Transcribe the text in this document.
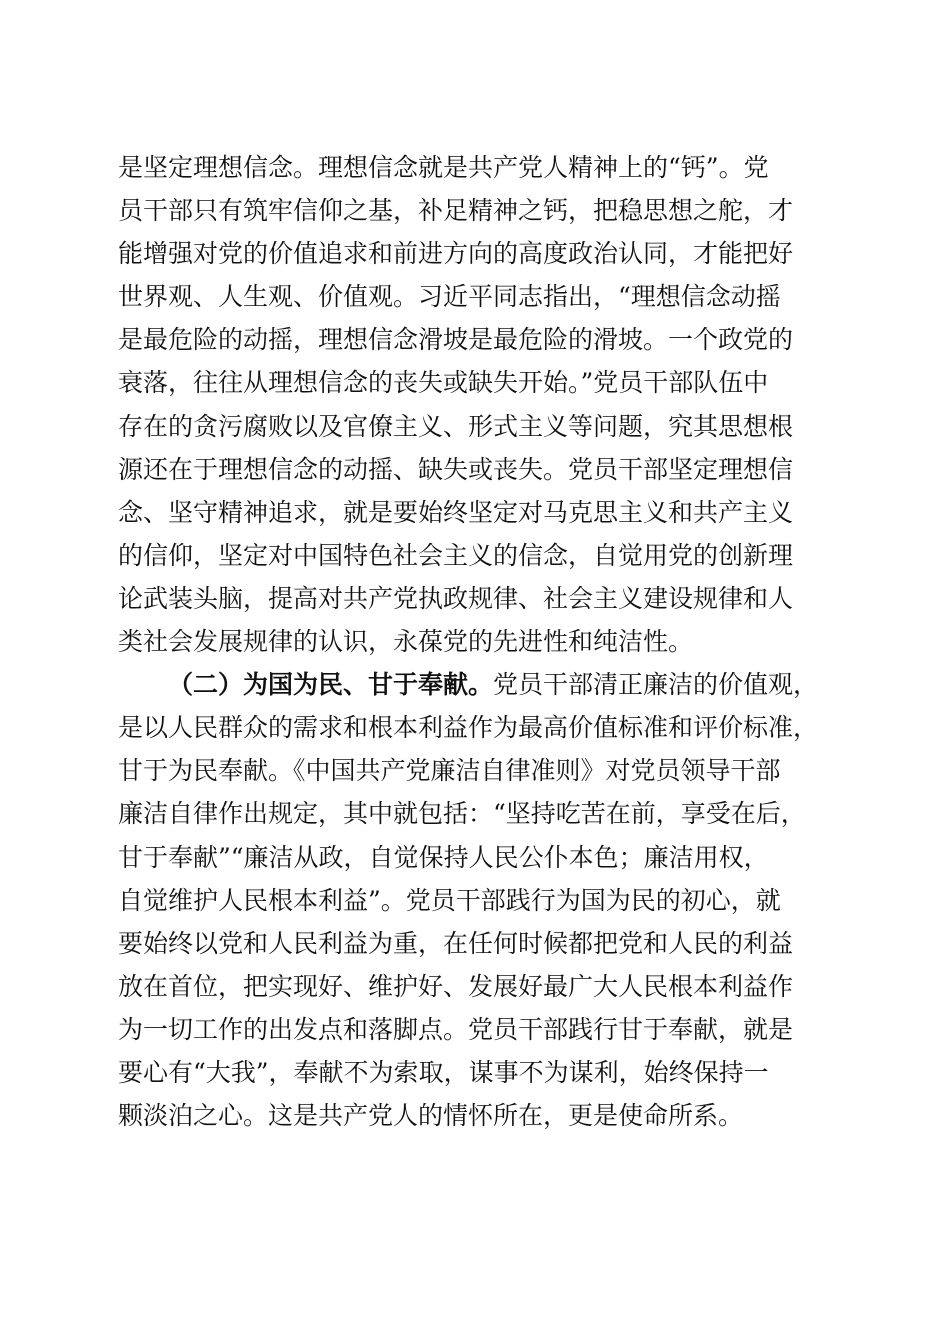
是坚定理想信念。理想信念就是共产党人精神上的“钙”。党
员干部只有筑牢信仰之基，补足精神之钙，把稳思想之舵，才
能增强对党的价值追求和前进方向的高度政治认同，才能把好
世界观、人生观、价值观。习近平同志指出，“理想信念动摇
是最危险的动摇，理想信念滑坡是最危险的滑坡。一个政党的
衰落，往往从理想信念的丧失或缺失开始。”党员干部队伍中
存在的贪污腐败以及官僚主义、形式主义等问题，究其思想根
源还在于理想信念的动摇、缺失或丧失。党员干部坚定理想信
念、坚守精神追求，就是要始终坚定对马克思主义和共产主义
的信仰，坚定对中国特色社会主义的信念，自觉用党的创新理
论武装头脑，提高对共产党执政规律、社会主义建设规律和人
类社会发展规律的认识，永葆党的先进性和纯洁性。
（二）为国为民、甘于奉献。党员干部清正廉洁的价值观，
是以人民群众的需求和根本利益作为最高价值标准和评价标准，
甘于为民奉献。《中国共产党廉洁自律准则》对党员领导干部
廉洁自律作出规定，其中就包括：“坚持吃苦在前，享受在后，
甘于奉献”“廉洁从政，自觉保持人民公仆本色；廉洁用权，
自觉维护人民根本利益”。党员干部践行为国为民的初心，就
要始终以党和人民利益为重，在任何时候都把党和人民的利益
放在首位，把实现好、维护好、发展好最广大人民根本利益作
为一切工作的出发点和落脚点。党员干部践行甘于奉献，就是
要心有“大我”，奉献不为索取，谋事不为谋利，始终保持一
颗淡泊之心。这是共产党人的情怀所在，更是使命所系。
